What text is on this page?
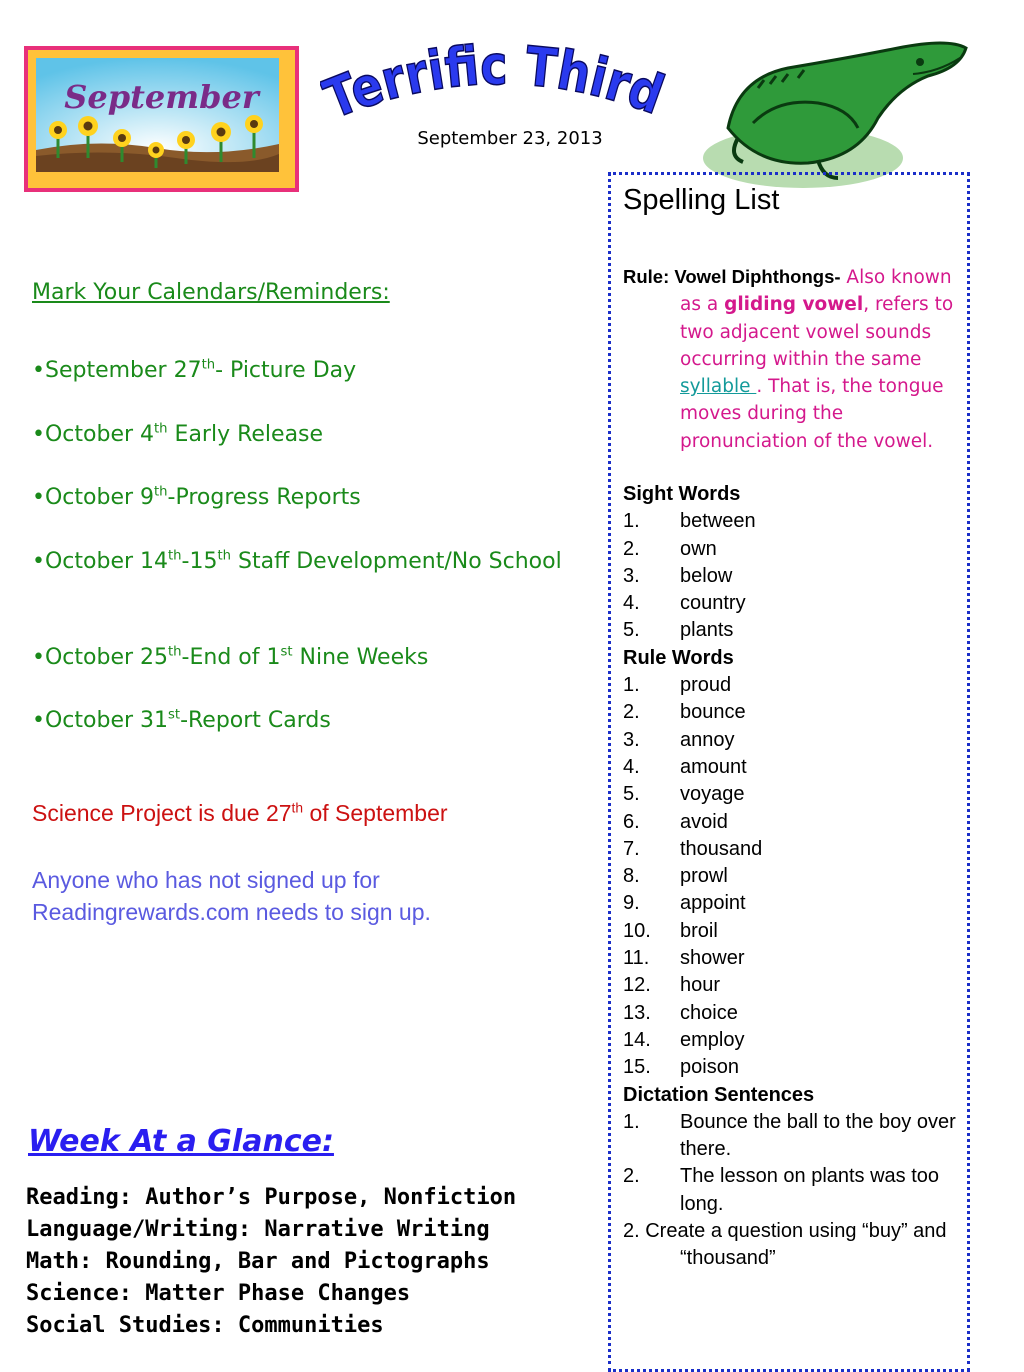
September	Terrific Third
September 23, 2013
Mark Your Calendars/Reminders:
•September 27th- Picture Day
•October 4th Early Release
•October 9th-Progress Reports
•October 14th-15th Staff Development/No School
•October 25th-End of 1st Nine Weeks
•October 31st-Report Cards
Science Project is due 27th of September
Anyone who has not signed up for Readingrewards.com needs to sign up.
Week At a Glance:
Reading: Author’s Purpose, Nonfiction
Language/Writing: Narrative Writing
Math: Rounding, Bar and Pictographs
Science: Matter Phase Changes
Social Studies: Communities
Spelling List
Rule: Vowel Diphthongs- Also known as a gliding vowel, refers to two adjacent vowel sounds occurring within the same syllable . That is, the tongue moves during the pronunciation of the vowel.
Sight Words
1. between
2. own
3. below
4. country
5. plants
Rule Words
1. proud
2. bounce
3. annoy
4. amount
5. voyage
6. avoid
7. thousand
8. prowl
9. appoint
10. broil
11. shower
12. hour
13. choice
14. employ
15. poison
Dictation Sentences
1. Bounce the ball to the boy over there.
2. The lesson on plants was too long.
2. Create a question using “buy” and “thousand”
